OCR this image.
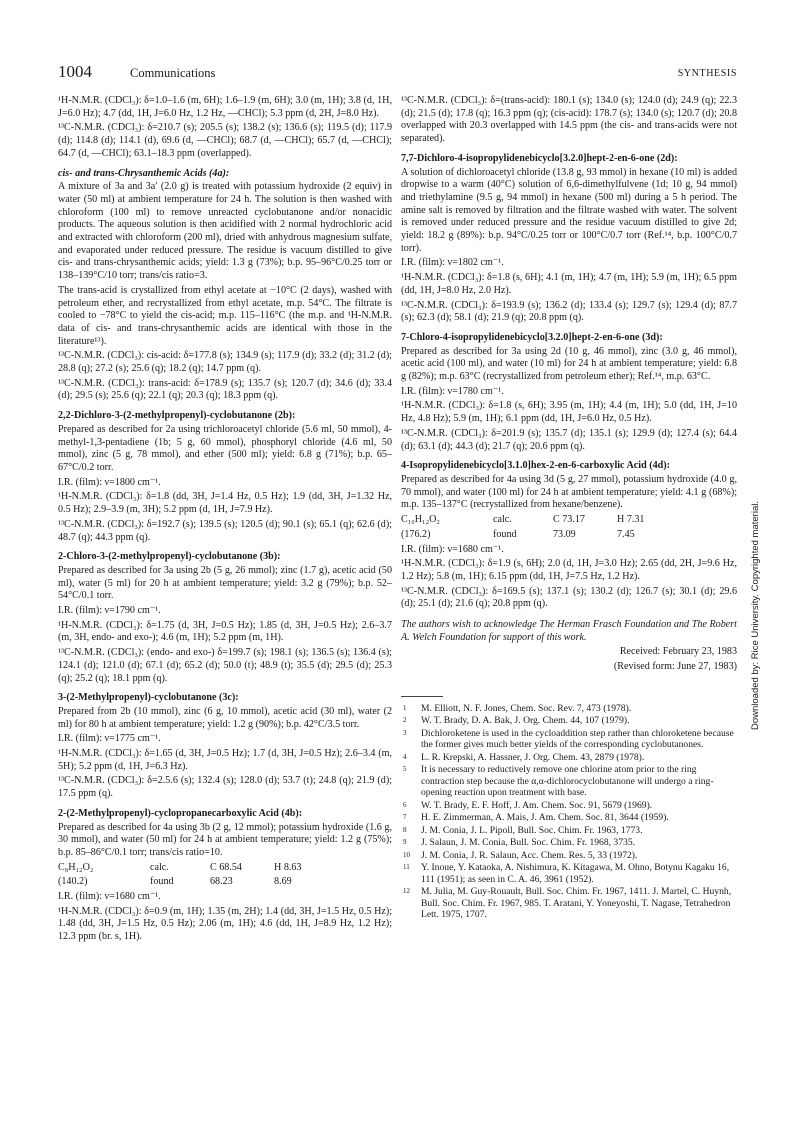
1004	Communications	SYNTHESIS

¹H-N.M.R. (CDCl₃): δ=1.0–1.6 (m, 6H); 1.6–1.9 (m, 6H); 3.0 (m, 1H); 3.8 (d, 1H, J=6.0 Hz); 4.7 (dd, 1H, J=6.0 Hz, 1.2 Hz, —CHCl); 5.3 ppm (d, 2H, J=8.0 Hz).

¹³C-N.M.R. (CDCl₃): δ=210.7 (s); 205.5 (s); 138.2 (s); 136.6 (s); 119.5 (d); 117.9 (d); 114.8 (d); 114.1 (d), 69.6 (d, —CHCl); 68.7 (d, —CHCl); 65.7 (d, —CHCl); 64.7 (d, —CHCl); 63.1–18.3 ppm (overlapped).

cis- and trans-Chrysanthemic Acids (4a):

A mixture of 3a and 3a′ (2.0 g) is treated with potassium hydroxide (2 equiv) in water (50 ml) at ambient temperature for 24 h. The solution is then washed with chloroform (100 ml) to remove unreacted cyclobutanone and/or nonacidic products. The aqueous solution is then acidified with 2 normal hydrochloric acid and extracted with chloroform (200 ml), dried with anhydrous magnesium sulfate, and evaporated under reduced pressure. The residue is vacuum distilled to give cis- and trans-chrysanthemic acids; yield: 1.3 g (73%); b.p. 95–96°C/0.25 torr or 138–139°C/10 torr; trans/cis ratio=3.

The trans-acid is crystallized from ethyl acetate at −10°C (2 days), washed with petroleum ether, and recrystallized from ethyl acetate, m.p. 54°C. The filtrate is cooled to −78°C to yield the cis-acid; m.p. 115–116°C (the m.p. and ¹H-N.M.R. data of cis- and trans-chrysanthemic acids are identical with those in the literature¹³).

¹³C-N.M.R. (CDCl₃): cis-acid: δ=177.8 (s); 134.9 (s); 117.9 (d); 33.2 (d); 31.2 (d); 28.8 (q); 27.2 (s); 25.6 (q); 18.2 (q); 14.7 ppm (q).

¹³C-N.M.R. (CDCl₃): trans-acid: δ=178.9 (s); 135.7 (s); 120.7 (d); 34.6 (d); 33.4 (d); 29.5 (s); 25.6 (q); 22.1 (q); 20.3 (q); 18.3 ppm (q).

2,2-Dichloro-3-(2-methylpropenyl)-cyclobutanone (2b):

Prepared as described for 2a using trichloroacetyl chloride (5.6 ml, 50 mmol), 4-methyl-1,3-pentadiene (1b; 5 g, 60 mmol), phosphoryl chloride (4.6 ml, 50 mmol), zinc (5 g, 78 mmol), and ether (500 ml); yield: 6.8 g (71%); b.p. 65–67°C/0.2 torr.

I.R. (film): ν=1800 cm⁻¹.

¹H-N.M.R. (CDCl₃): δ=1.8 (dd, 3H, J=1.4 Hz, 0.5 Hz); 1.9 (dd, 3H, J=1.32 Hz, 0.5 Hz); 2.9–3.9 (m, 3H); 5.2 ppm (d, 1H, J=7.9 Hz).

¹³C-N.M.R. (CDCl₃): δ=192.7 (s); 139.5 (s); 120.5 (d); 90.1 (s); 65.1 (q); 62.6 (d); 48.7 (q); 44.3 ppm (q).

2-Chloro-3-(2-methylpropenyl)-cyclobutanone (3b):

Prepared as described for 3a using 2b (5 g, 26 mmol); zinc (1.7 g), acetic acid (50 ml), water (5 ml) for 20 h at ambient temperature; yield: 3.2 g (79%); b.p. 52–54°C/0.1 torr.

I.R. (film): ν=1790 cm⁻¹.

¹H-N.M.R. (CDCl₃): δ=1.75 (d, 3H, J=0.5 Hz); 1.85 (d, 3H, J=0.5 Hz); 2.6–3.7 (m, 3H, endo- and exo-); 4.6 (m, 1H); 5.2 ppm (m, 1H).

¹³C-N.M.R. (CDCl₃): (endo- and exo-) δ=199.7 (s); 198.1 (s); 136.5 (s); 136.4 (s); 124.1 (d); 121.0 (d); 67.1 (d); 65.2 (d); 50.0 (t); 48.9 (t); 35.5 (d); 29.5 (d); 25.3 (q); 25.2 (q); 18.1 ppm (q).

3-(2-Methylpropenyl)-cyclobutanone (3c):

Prepared from 2b (10 mmol), zinc (6 g, 10 mmol), acetic acid (30 ml), water (2 ml) for 80 h at ambient temperature; yield: 1.2 g (90%); b.p. 42°C/3.5 torr.

I.R. (film): ν=1775 cm⁻¹.

¹H-N.M.R. (CDCl₃): δ=1.65 (d, 3H, J=0.5 Hz); 1.7 (d, 3H, J=0.5 Hz); 2.6–3.4 (m, 5H); 5.2 ppm (d, 1H, J=6.3 Hz).

¹³C-N.M.R. (CDCl₃): δ=2.5.6 (s); 132.4 (s); 128.0 (d); 53.7 (t); 24.8 (q); 21.9 (d); 17.5 ppm (q).

2-(2-Methylpropenyl)-cyclopropanecarboxylic Acid (4b):

Prepared as described for 4a using 3b (2 g, 12 mmol); potassium hydroxide (1.6 g, 30 mmol), and water (50 ml) for 24 h at ambient temperature; yield: 1.2 g (75%); b.p. 85–86°C/0.1 torr; trans/cis ratio=10.

C₈H₁₂O₂	calc.	C 68.54	H 8.63
(140.2)	found	68.23	8.69

I.R. (film): ν=1680 cm⁻¹.

¹H-N.M.R. (CDCl₃): δ=0.9 (m, 1H); 1.35 (m, 2H); 1.4 (dd, 3H, J=1.5 Hz, 0.5 Hz); 1.48 (dd, 3H, J=1.5 Hz, 0.5 Hz); 2.06 (m, 1H); 4.6 (dd, 1H, J=8.9 Hz, 1.2 Hz); 12.3 ppm (br. s, 1H).

¹³C-N.M.R. (CDCl₃): δ=(trans-acid): 180.1 (s); 134.0 (s); 124.0 (d); 24.9 (q); 22.3 (d); 21.5 (d); 17.8 (q); 16.3 ppm (q); (cis-acid): 178.7 (s); 134.0 (s); 120.7 (d); 20.8 overlapped with 20.3 overlapped with 14.5 ppm (the cis- and trans-acids were not separated).

7,7-Dichloro-4-isopropylidenebicyclo[3.2.0]hept-2-en-6-one (2d):

A solution of dichloroacetyl chloride (13.8 g, 93 mmol) in hexane (10 ml) is added dropwise to a warm (40°C) solution of 6,6-dimethylfulvene (1d; 10 g, 94 mmol) and triethylamine (9.5 g, 94 mmol) in hexane (500 ml) during a 5 h period. The amine salt is removed by filtration and the filtrate washed with water. The solvent is removed under reduced pressure and the residue vacuum distilled to give 2d; yield: 18.2 g (89%): b.p. 94°C/0.25 torr or 100°C/0.7 torr (Ref.¹⁴, b.p. 100°C/0.7 torr).

I.R. (film): ν=1802 cm⁻¹.

¹H-N.M.R. (CDCl₃): δ=1.8 (s, 6H); 4.1 (m, 1H); 4.7 (m, 1H); 5.9 (m, 1H); 6.5 ppm (dd, 1H, J=8.0 Hz, 2.0 Hz).

¹³C-N.M.R. (CDCl₃): δ=193.9 (s); 136.2 (d); 133.4 (s); 129.7 (s); 129.4 (d); 87.7 (s); 62.3 (d); 58.1 (d); 21.9 (q); 20.8 ppm (q).

7-Chloro-4-isopropylidenebicyclo[3.2.0]hept-2-en-6-one (3d):

Prepared as described for 3a using 2d (10 g, 46 mmol), zinc (3.0 g, 46 mmol), acetic acid (100 ml), and water (10 ml) for 24 h at ambient temperature; yield: 6.8 g (82%); m.p. 63°C (recrystallized from petroleum ether); Ref.¹⁴, m.p. 63°C.

I.R. (film): ν=1780 cm⁻¹.

¹H-N.M.R. (CDCl₃): δ=1.8 (s, 6H); 3.95 (m, 1H); 4.4 (m, 1H); 5.0 (dd, 1H, J=10 Hz, 4.8 Hz); 5.9 (m, 1H); 6.1 ppm (dd, 1H, J=6.0 Hz, 0.5 Hz).

¹³C-N.M.R. (CDCl₃): δ=201.9 (s); 135.7 (d); 135.1 (s); 129.9 (d); 127.4 (s); 64.4 (d); 63.1 (d); 44.3 (d); 21.7 (q); 20.6 ppm (q).

4-Isopropylidenebicyclo[3.1.0]hex-2-en-6-carboxylic Acid (4d):

Prepared as described for 4a using 3d (5 g, 27 mmol), potassium hydroxide (4.0 g, 70 mmol), and water (100 ml) for 24 h at ambient temperature; yield: 4.1 g (68%); m.p. 135–137°C (recrystallized from hexane/benzene).

C₁₀H₁₂O₂	calc.	C 73.17	H 7.31
(176.2)	found	73.09	7.45

I.R. (film): ν=1680 cm⁻¹.

¹H-N.M.R. (CDCl₃): δ=1.9 (s, 6H); 2.0 (d, 1H, J=3.0 Hz); 2.65 (dd, 2H, J=9.6 Hz, 1.2 Hz); 5.8 (m, 1H); 6.15 ppm (dd, 1H, J=7.5 Hz, 1.2 Hz).

¹³C-N.M.R. (CDCl₃): δ=169.5 (s); 137.1 (s); 130.2 (d); 126.7 (s); 30.1 (d); 29.6 (d); 25.1 (d); 21.6 (q); 20.8 ppm (q).

The authors wish to acknowledge The Herman Frasch Foundation and The Robert A. Welch Foundation for support of this work.

Received: February 23, 1983
(Revised form: June 27, 1983)
1	M. Elliott, N. F. Jones, Chem. Soc. Rev. 7, 473 (1978).
2	W. T. Brady, D. A. Bak, J. Org. Chem. 44, 107 (1979).
3	Dichloroketene is used in the cycloaddition step rather than chloroketene because the former gives much better yields of the corresponding cyclobutanones.
4	L. R. Krepski, A. Hassner, J. Org. Chem. 43, 2879 (1978).
5	It is necessary to reductively remove one chlorine atom prior to the ring contraction step because the α,α-dichlorocyclobutanone will undergo a ring-opening reaction upon treatment with base.
6	W. T. Brady, E. F. Hoff, J. Am. Chem. Soc. 91, 5679 (1969).
7	H. E. Zimmerman, A. Mais, J. Am. Chem. Soc. 81, 3644 (1959).
8	J. M. Conia, J. L. Pipoll, Bull. Soc. Chim. Fr. 1963, 1773.
9	J. Salaun, J. M. Conia, Bull. Soc. Chim. Fr. 1968, 3735.
10	J. M. Conia, J. R. Salaun, Acc. Chem. Res. 5, 33 (1972).
11	Y. Inoue, Y. Kataoka, A. Nishimura, K. Kitagawa, M. Ohno, Botynu Kagaku 16, 111 (1951); as seen in C. A. 46, 3961 (1952).
12	M. Julia, M. Guy-Rouault, Bull. Soc. Chim. Fr. 1967, 1411. J. Martel, C. Huynh, Bull. Soc. Chim. Fr. 1967, 985. T. Aratani, Y. Yoneyoshi, T. Nagase, Tetrahedron Lett. 1975, 1707.
Downloaded by: Rice University. Copyrighted material.
